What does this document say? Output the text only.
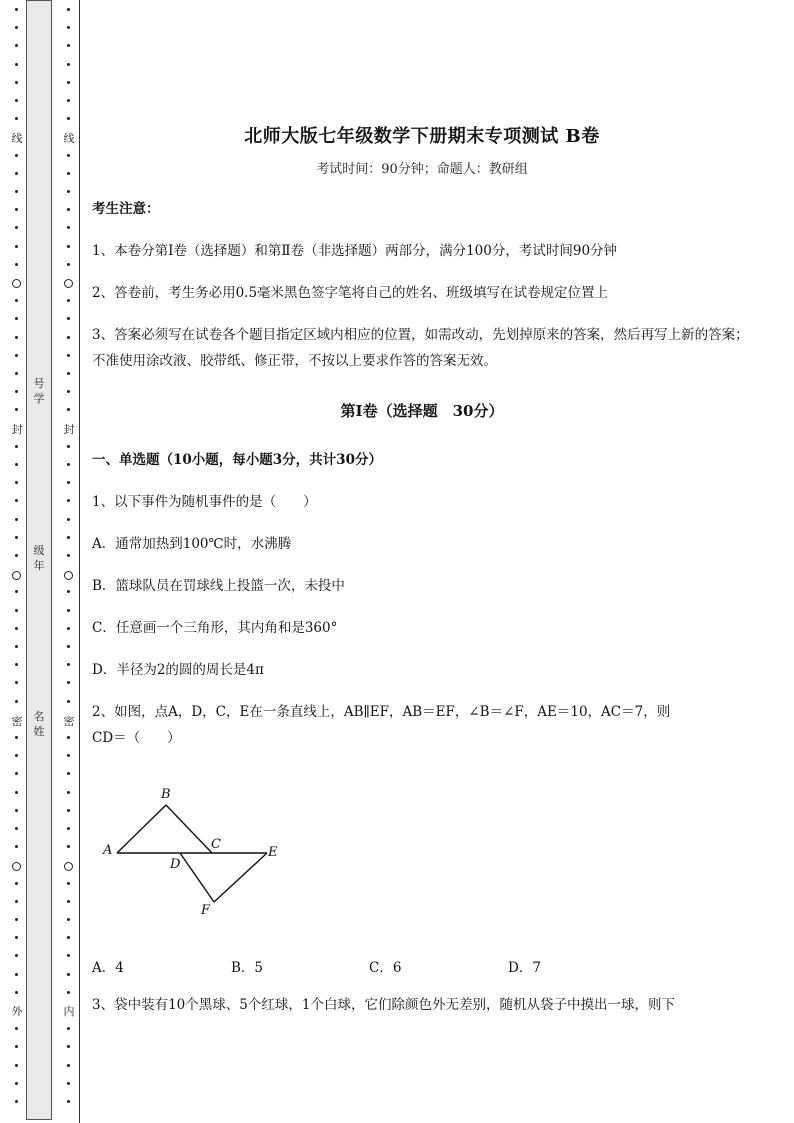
线
封
密
外
线
封
密
内
号学
级年
名姓
北师大版七年级数学下册期末专项测试 B卷
考试时间：90分钟；命题人：教研组
考生注意：
1、本卷分第I卷（选择题）和第Ⅱ卷（非选择题）两部分，满分100分，考试时间90分钟
2、答卷前，考生务必用0.5毫米黑色签字笔将自己的姓名、班级填写在试卷规定位置上
3、答案必须写在试卷各个题目指定区域内相应的位置，如需改动，先划掉原来的答案，然后再写上新的答案；不准使用涂改液、胶带纸、修正带，不按以上要求作答的答案无效。
第I卷（选择题　30分）
一、单选题（10小题，每小题3分，共计30分）
1、以下事件为随机事件的是（　　）
A．通常加热到100℃时，水沸腾
B．篮球队员在罚球线上投篮一次，未投中
C．任意画一个三角形，其内角和是360°
D．半径为2的圆的周长是4π
2、如图，点A，D，C，E在一条直线上，AB∥EF，AB＝EF，∠B＝∠F，AE＝10，AC＝7，则
CD＝（　　）
A．4	B．5	C．6	D．7
3、袋中装有10个黑球、5个红球，1个白球，它们除颜色外无差别，随机从袋子中摸出一球，则下
A
B
C
D
E
F
